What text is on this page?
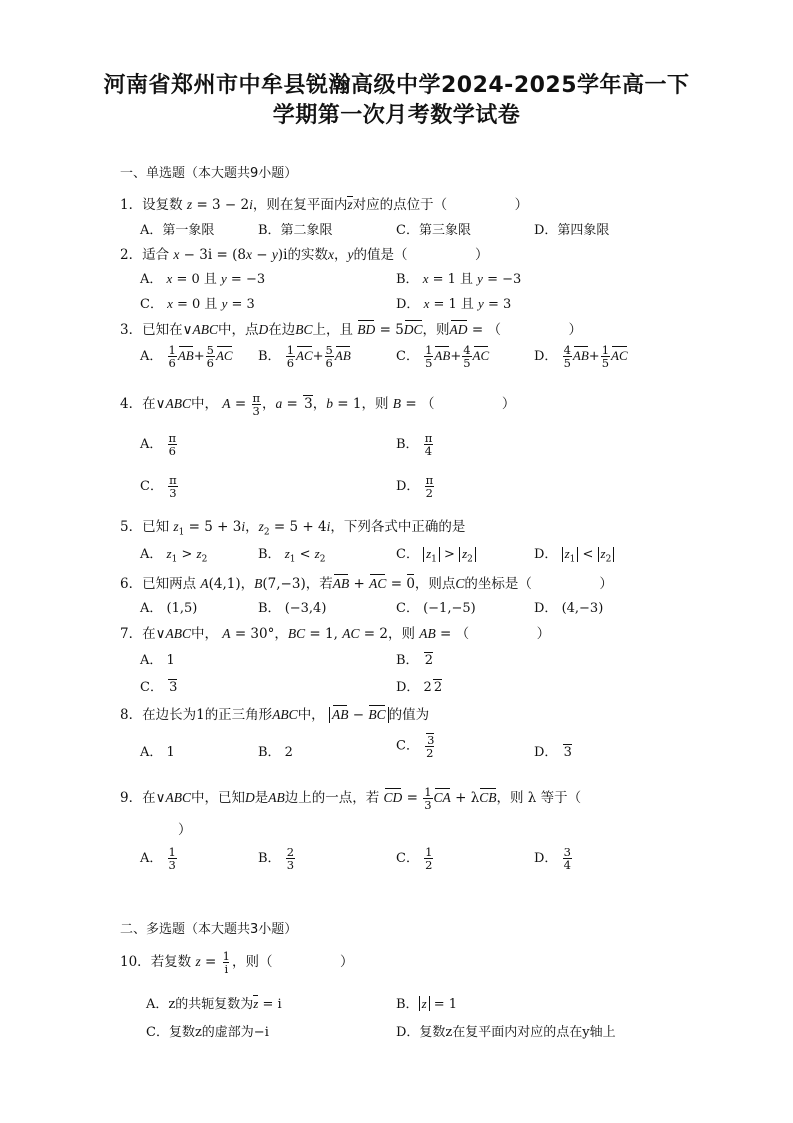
河南省郑州市中牟县锐瀚高级中学2024-2025学年高一下
学期第一次月考数学试卷
一、单选题（本大题共9小题）
1．设复数 z = 3 − 2i，则在复平面内z对应的点位于（　　　　　）
A．第一象限	B．第二象限	C．第三象限	D．第四象限
2．适合 x − 3i = (8x − y)i的实数x，y的值是（　　　　　）
A． x = 0 且 y = −3	B． x = 1 且 y = −3
C． x = 0 且 y = 3	D． x = 1 且 y = 3
3．已知在∨ABC中，点D在边BC上，且 BD = 5DC，则AD = （　　　　　）
A． $\frac{1}{6} AB+ \frac{5}{6}$ AC B． $\frac{1}{6} AC+ \frac{5}{6}$ AB	C． $\frac{1}{5} AB+ \frac{4}{5}$ AC	D． $\frac{4}{5} AB+ \frac{1}{5}$ AC
4．在∨ABC中， $A = \frac{\pi}{3}$ ，a = 3，b = 1，则 B = （　　　　　）
A． $\frac{\pi}{6}$	B． $\frac{\pi}{4}$
C． $\frac{\pi}{3}$	D． $\frac{\pi}{2}$
5．已知 $z_1 = 5 + 3i$，$z_2 = 5 + 4i$，下列各式中正确的是
A． $z_1 > z_2$	B． $z_1 < z_2$	C． $z_1 > z_2$	D． $z_1 < z_2$
6．已知两点 A(4,1)，B(7,−3)，若AB + AC = 0，则点C的坐标是（　　　　　）
A． (1,5)	B． (−3,4)	C． (−1,−5)	D． (4,−3)
7．在∨ABC中， A = 30°，BC = 1, AC = 2，则 AB = （　　　　　）
A． 1	B． 2
C． 3	D． 2 2
8．在边长为1的正三角形ABC中， AB − BC 的值为
A． 1	B． 2	C． $\frac{3}{2}$	D． 3
9．在∨ABC中，已知D是AB边上的一点，若 CD = $\frac{1}{3}$ CA + λCB，则 λ 等于（
）
A． $\frac{1}{3}$	B． $\frac{2}{3}$	C． $\frac{1}{2}$	D． $\frac{3}{4}$
二、多选题（本大题共3小题）
10．若复数 $z = \frac{1}{i}$ ，则（　　　　　）
A．z的共轭复数为z = i	B． z = 1
C．复数z的虚部为−i	D．复数z在复平面内对应的点在y轴上
